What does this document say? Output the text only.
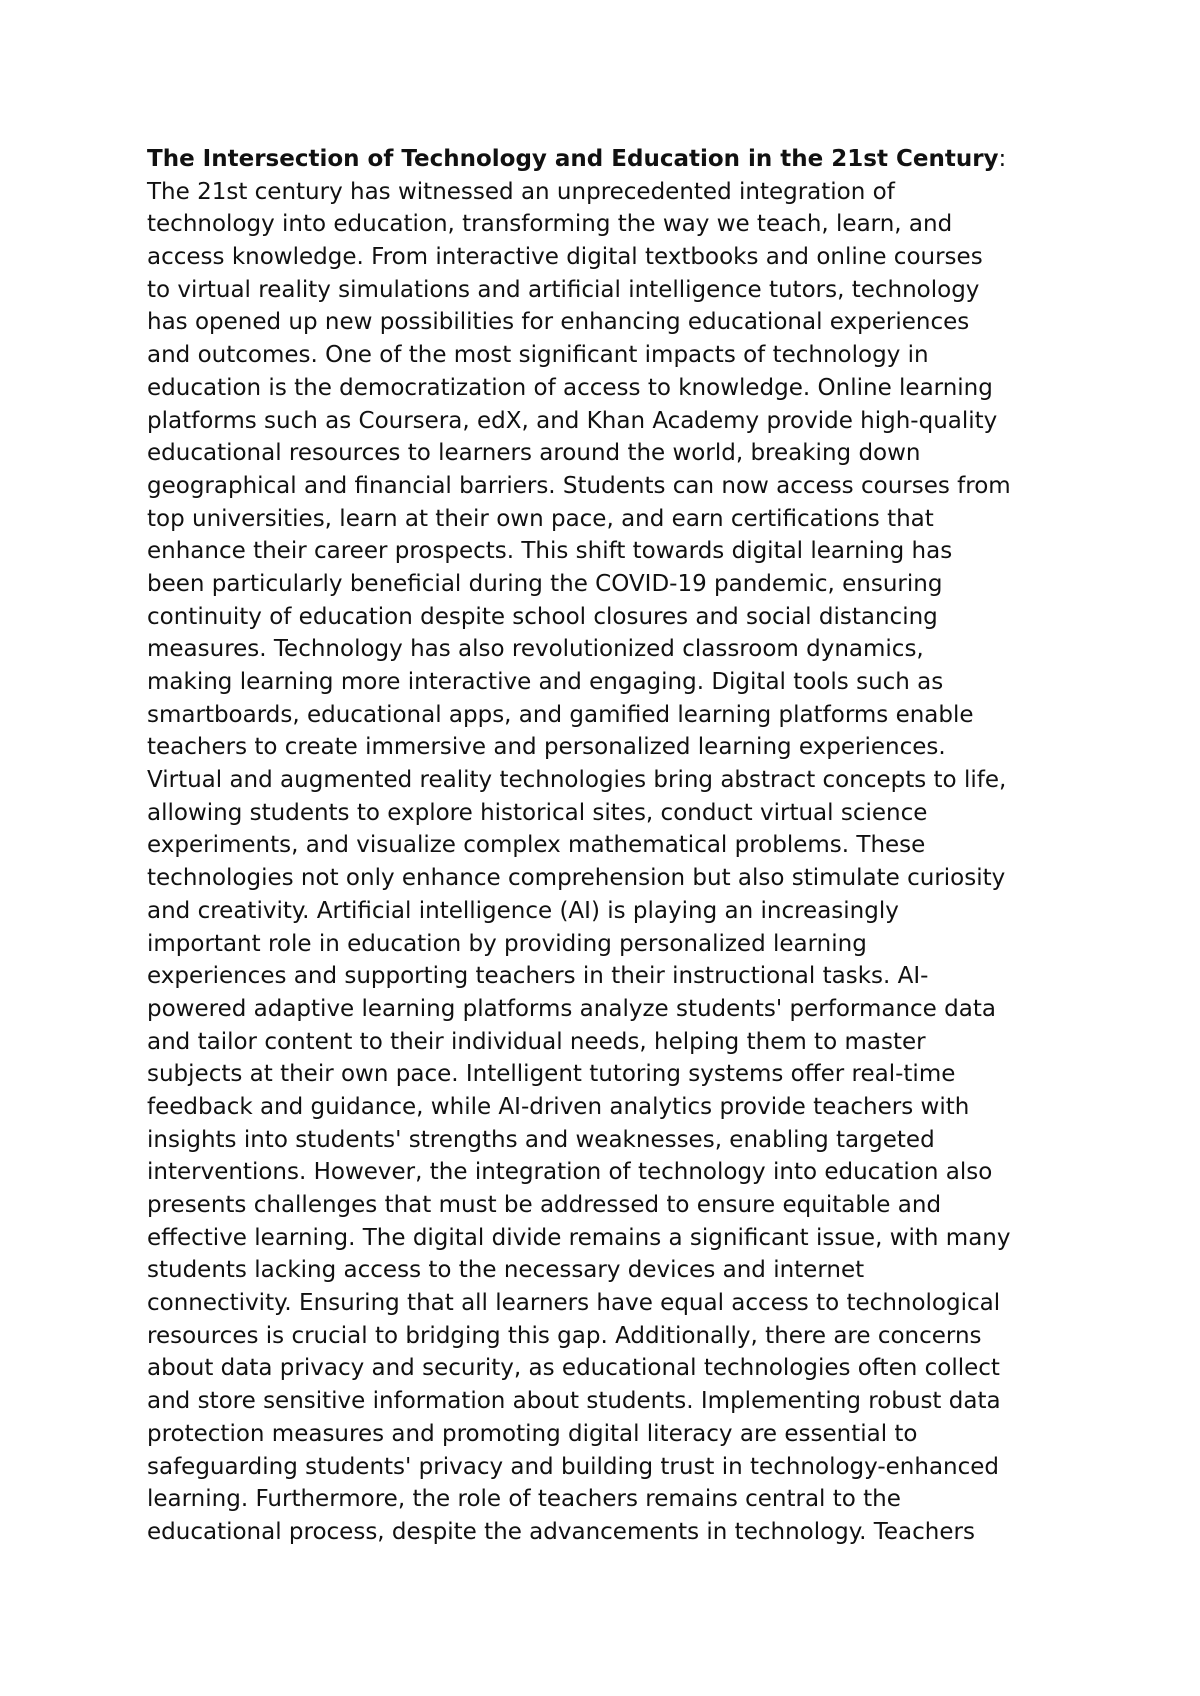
The Intersection of Technology and Education in the 21st Century:
The 21st century has witnessed an unprecedented integration of
technology into education, transforming the way we teach, learn, and
access knowledge. From interactive digital textbooks and online courses
to virtual reality simulations and artificial intelligence tutors, technology
has opened up new possibilities for enhancing educational experiences
and outcomes. One of the most significant impacts of technology in
education is the democratization of access to knowledge. Online learning
platforms such as Coursera, edX, and Khan Academy provide high-quality
educational resources to learners around the world, breaking down
geographical and financial barriers. Students can now access courses from
top universities, learn at their own pace, and earn certifications that
enhance their career prospects. This shift towards digital learning has
been particularly beneficial during the COVID-19 pandemic, ensuring
continuity of education despite school closures and social distancing
measures. Technology has also revolutionized classroom dynamics,
making learning more interactive and engaging. Digital tools such as
smartboards, educational apps, and gamified learning platforms enable
teachers to create immersive and personalized learning experiences.
Virtual and augmented reality technologies bring abstract concepts to life,
allowing students to explore historical sites, conduct virtual science
experiments, and visualize complex mathematical problems. These
technologies not only enhance comprehension but also stimulate curiosity
and creativity. Artificial intelligence (AI) is playing an increasingly
important role in education by providing personalized learning
experiences and supporting teachers in their instructional tasks. AI-
powered adaptive learning platforms analyze students' performance data
and tailor content to their individual needs, helping them to master
subjects at their own pace. Intelligent tutoring systems offer real-time
feedback and guidance, while AI-driven analytics provide teachers with
insights into students' strengths and weaknesses, enabling targeted
interventions. However, the integration of technology into education also
presents challenges that must be addressed to ensure equitable and
effective learning. The digital divide remains a significant issue, with many
students lacking access to the necessary devices and internet
connectivity. Ensuring that all learners have equal access to technological
resources is crucial to bridging this gap. Additionally, there are concerns
about data privacy and security, as educational technologies often collect
and store sensitive information about students. Implementing robust data
protection measures and promoting digital literacy are essential to
safeguarding students' privacy and building trust in technology-enhanced
learning. Furthermore, the role of teachers remains central to the
educational process, despite the advancements in technology. Teachers
